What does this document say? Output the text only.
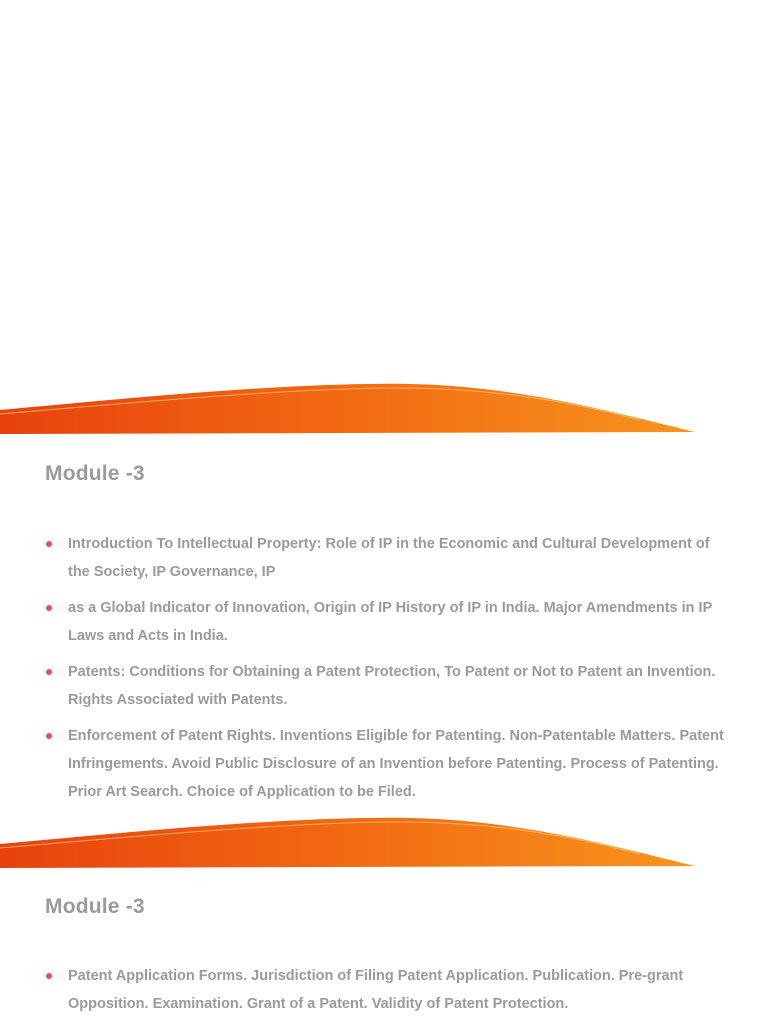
Module -3
Introduction To Intellectual Property: Role of IP in the Economic and Cultural Development of the Society, IP Governance, IP
as a Global Indicator of Innovation, Origin of IP History of IP in India. Major Amendments in IP Laws and Acts in India.
Patents: Conditions for Obtaining a Patent Protection, To Patent or Not to Patent an Invention. Rights Associated with Patents.
Enforcement of Patent Rights. Inventions Eligible for Patenting. Non-Patentable Matters. Patent Infringements. Avoid Public Disclosure of an Invention before Patenting. Process of Patenting. Prior Art Search. Choice of Application to be Filed.
Module -3
Patent Application Forms. Jurisdiction of Filing Patent Application. Publication. Pre-grant Opposition. Examination. Grant of a Patent. Validity of Patent Protection.
